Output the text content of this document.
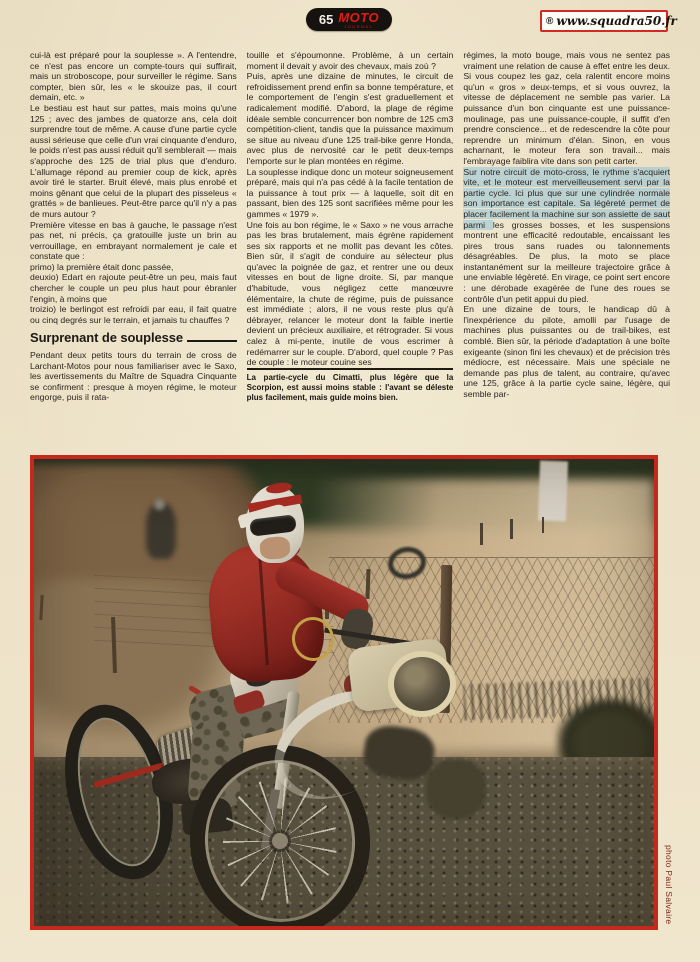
65 MOTO
JOURNAL	® www.squadra50.fr

cui-là est préparé pour la souplesse ». A l'entendre, ce n'est pas encore un compte-tours qui suffirait, mais un stroboscope, pour surveiller le régime. Sans compter, bien sûr, les « le skouize pas, il court demain, etc. »

Le bestiau est haut sur pattes, mais moins qu'une 125 ; avec des jambes de quatorze ans, cela doit surprendre tout de même. A cause d'une partie cycle aussi sérieuse que celle d'un vrai cinquante d'enduro, le poids n'est pas aussi réduit qu'il semblerait — mais s'approche des 125 de trial plus que d'enduro. L'allumage répond au premier coup de kick, après avoir tiré le starter. Bruit élevé, mais plus enrobé et moins gênant que celui de la plupart des pisseleus « grattés » de banlieues. Peut-être parce qu'il n'y a pas de murs autour ?

Première vitesse en bas à gauche, le passage n'est pas net, ni précis, ça gratouille juste un brin au verrouillage, en embrayant normalement je cale et constate que :

primo) la première était donc passée,

deuxio) Edart en rajoute peut-être un peu, mais faut chercher le couple un peu plus haut pour ébranler l'engin, à moins que

troizio) le berlingot est refroidi par eau, il fait quatre ou cinq degrés sur le terrain, et jamais tu chauffes ?

Surprenant de souplesse

Pendant deux petits tours du terrain de cross de Larchant-Motos pour nous familiariser avec le Saxo, les avertissements du Maître de Squadra Cinquante se confirment : presque à moyen régime, le moteur engorge, puis il rata-

touille et s'époumonne. Problème, à un certain moment il devait y avoir des chevaux, mais zoù ?

Puis, après une dizaine de minutes, le circuit de refroidissement prend enfin sa bonne température, et le comportement de l'engin s'est graduellement et radicalement modifié. D'abord, la plage de régime idéale semble concurrencer bon nombre de 125 cm3 compétition-client, tandis que la puissance maximum se situe au niveau d'une 125 trail-bike genre Honda, avec plus de nervosité car le petit deux-temps l'emporte sur le plan montées en régime.

La souplesse indique donc un moteur soigneusement préparé, mais qui n'a pas cédé à la facile tentation de la puissance à tout prix — à laquelle, soit dit en passant, bien des 125 sont sacrifiées même pour les gammes « 1979 ».

Une fois au bon régime, le « Saxo » ne vous arrache pas les bras brutalement, mais égrène rapidement ses six rapports et ne mollit pas devant les côtes. Bien sûr, il s'agit de conduire au sélecteur plus qu'avec la poignée de gaz, et rentrer une ou deux vitesses en bout de ligne droite. Si, par manque d'habitude, vous négligez cette manœuvre élémentaire, la chute de régime, puis de puissance est immédiate ; alors, il ne vous reste plus qu'à débrayer, relancer le moteur dont la faible inertie devient un précieux auxiliaire, et rétrograder. Si vous calez à mi-pente, inutile de vous escrimer à redémarrer sur le couple. D'abord, quel couple ? Pas de couple : le moteur couine ses

La partie-cycle du Cimatti, plus légère que la Scorpion, est aussi moins stable : l'avant se déleste plus facilement, mais guide moins bien.

régimes, la moto bouge, mais vous ne sentez pas vraiment une relation de cause à effet entre les deux. Si vous coupez les gaz, cela ralentit encore moins qu'un « gros » deux-temps, et si vous ouvrez, la vitesse de déplacement ne semble pas varier. La puissance d'un bon cinquante est une puissance-moulinage, pas une puissance-couple, il suffit d'en prendre conscience... et de redescendre la côte pour reprendre un minimum d'élan. Sinon, en vous acharnant, le moteur fera son travail... mais l'embrayage faiblira vite dans son petit carter.

Sur notre circuit de moto-cross, le rythme s'acquiert vite, et le moteur est merveilleusement servi par la partie cycle. Ici plus que sur une cylindrée normale son importance est capitale. Sa légèreté permet de placer facilement la machine sur son assiette de saut parmi les grosses bosses, et les suspensions montrent une efficacité redoutable, encaissant les pires trous sans ruades ou talonnements désagréables. De plus, la moto se place instantanément sur la meilleure trajectoire grâce à une enviable légèreté. En virage, ce point sert encore : une dérobade exagérée de l'une des roues se contrôle d'un petit appui du pied.

En une dizaine de tours, le handicap dû à l'inexpérience du pilote, amolli par l'usage de machines plus puissantes ou de trail-bikes, est comblé. Bien sûr, la période d'adaptation à une boîte exigeante (sinon fini les chevaux) et de précision très médiocre, est nécessaire. Mais une spéciale ne demande pas plus de talent, au contraire, qu'avec une 125, grâce à la partie cycle saine, légère, qui semble par-

photo Paul Salvaire
